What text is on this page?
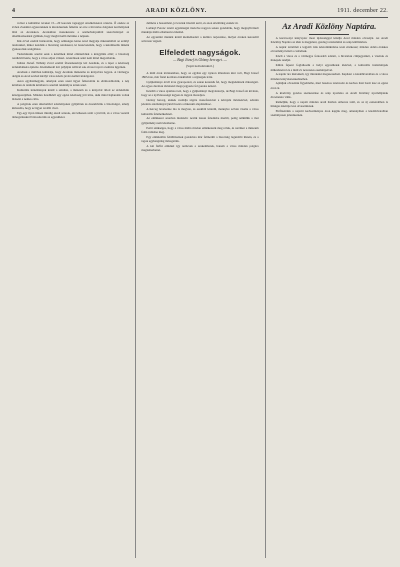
4	ARADI KÖZLÖNY.	1911. december 22.

volnai a kultúrház teveket 15—20 koronás tagsaggal Aradkétszerez részére. Ő ezekre az évben évenkint egyszereknek is kirendezések felkérte az erre a hivatalos dolgokat kormánynak által az Aradokon. Aradokban összekereste a szemelvényekből szerelvénnyel az alkalmazásokkal gyűlnek, hogy meglát kellő mértéke a népnek.

Kik évvel ezelőtt határozták, hogy szükséges lenne Arad megyéje múzeumából az erdélyi tanárokkal, mikor kezdték a bizottság rendszerei, ki összevetették, hogy a kérelmezők miként gyakoroltak szolgálatot.

Tudomásunk szerint ezek a kérelmek mind elintéződtek a közgyűlés előtt; a bizottság rendkívül kérte, hogy a város adjon választ. A kérdések azért nem mind megoldottak.

Juhász József. Néhány évvel ezelőtt főszerkesztője lett Aradnak, és a lapot a közösség érdeklődésére építette. Kiemelkedő írói pályáján tollával sok olvasót nyert a kultúra ügyének.

Aradnak a múltban kultúrája, hogy Aradnak múzeuma és könyvtára legyen. A vármegye dolgán és Arad szabad királyi város közös javára kellett kidolgozni.

Azon egyházmegyék, amelyek ezen szent ügyet felkarolták és előmozdították, a nép körében és tanítóik körében is szerinti tekintélyre tettek szert.

Kulturális intézmények közül a színház, a múzeum és a könyvtár állott az érdeklődés középpontjában. Minden tizedikből egy egész közösség jött létre, akik mind hajlandók voltak áldozni a nemes célra.

A polgárok ezen alkalomból adományokat gyűjtöttek és összehívták a bizottságot, amely kimondta, hogy az ügyet tovább viszi.

Egy-egy ilyen ülésen mindig akadt szónok, aki lelkesen szólt a jövőről, és a város vezetői támogatásukról biztosították az egyesületet.

delmére a hasonmást, jó levelek írásától azért, és azon értelmileg eszköz út.

Ladányi Ferenc tanári egyéniségét tisztelve nagyon sokan gondolták, hogy megnyilvánult munkája méltó elismerést érdemel.

Az egyesület munkái közül kiemelkedett a kultúra terjesztése, melyet éveken keresztül szívósan végzett.

Elfeledett nagyságok.
— Bagi József és Glózny herceget. —
(Saját tudósítónktól.)

A múlt évek történetében, hogy az egyház egy nyáron állandóan kint volt, Bagi József 1863-ban, már fiatal korában érdeklődött a régiségek iránt.

Gyűjteménye évről évre gyarapodott, és sokan keresték fel, hogy megtekintsék ritkaságait. Az egyes darabok történetét maga jegyezte fel gondos kézzel.

Később a város ajánlatot tett, hogy a gyűjteményt megvásárolja, de Bagi József azt kívánta, hogy az a nyilvánosságé legyen és ingyen maradjon.

Glózny herceg, akinek családja régóta összefonódott a környék történetével, szintén jelentős adománnyal járult hozzá a múzeum alapításához.

A herceg levelezése ma is megvan, és ezekből kiderül, mennyire szívén viselte a város kulturális felemelkedését.

Az emlékezet azonban mulandó: nevük lassan feledésbe merült, pedig nélkülük a mai gyűjtemény nem létezhetne.

Ezért szükséges, hogy a város méltó módon emlékezzék meg róluk, és nevüket a múzeum falán örökítse meg.

Egy emléktábla felállításának gondolata már felmerült a bizottság legutóbbi ülésén, és a tagok egyhangúlag támogatták.

A két férfiú emlékét így nemcsak a szakemberek, hanem a város minden polgára megismerhetné.

Az Aradi Közlöny Naptára.

A karácsonyi könyvpiac most újdonsággal kínálja Arad minden olvasóját. Az Aradi Közlöny Naptára az idén is megjelent, gazdag tartalommal és szép kiállításban.

A naptár tartalmát a legjobb írók közreműködése teszi értékessé; minden oldala érdekes olvasmányt kínál a családnak.

Közli a város és a vármegye fontosabb adatait, a hivatalok címjegyzékét, a vásárok és ünnepek rendjét.

Külön fejezet foglalkozik a helyi egyesületek életével, a kulturális intézmények működésével és a múlt év nevezetes eseményeivel.

A naptár ára mérsékelt, így mindenki megszerezheti. Kapható a kiadóhivatalban és a város minden könyvkereskedésében.

Ajánljuk olvasóink figyelmébe, mert hasznos tanácsadó és kedves házi barát lesz az egész éven át.

A kiadvány gondos szerkesztése és szép nyomása az Aradi Közlöny nyomdájának dicséretére válik.

Reméljük, hogy a naptár minden aradi házban otthonra talál, és az új esztendőben is hűséges kísérője lesz olvasóinknak.

Előfizetőink a naptárt kedvezményes áron kapják meg, amennyiben a kiadóhivatalban személyesen jelentkeznek.
